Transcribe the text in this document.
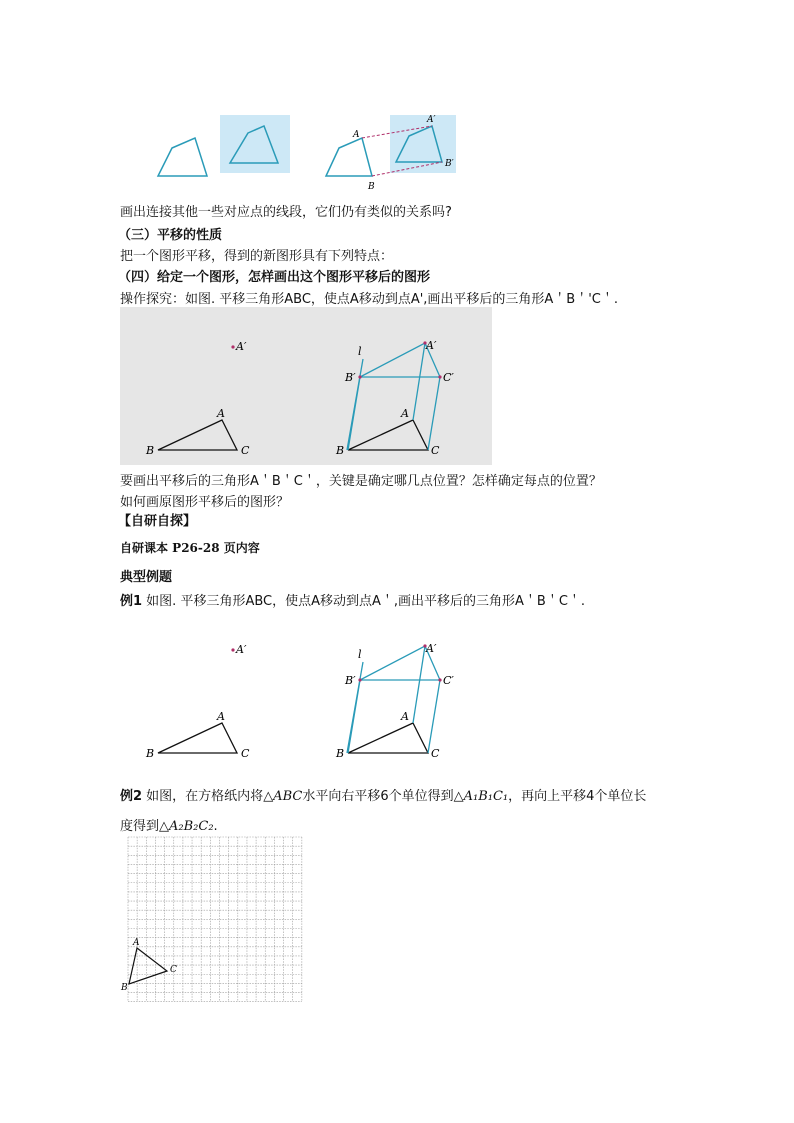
A
B
A′
B′
画出连接其他一些对应点的线段，它们仍有类似的关系吗?
（三）平移的性质
把一个图形平移，得到的新图形具有下列特点：
（四）给定一个图形，怎样画出这个图形平移后的图形
操作探究：如图. 平移三角形ABC，使点A移动到点A',画出平移后的三角形A＇B＇'C＇.
A′
A
B	C
l	A′
B′	C′
A
B	C
要画出平移后的三角形A＇B＇C＇，关键是确定哪几点位置？怎样确定每点的位置？
如何画原图形平移后的图形？
【自研自探】
自研课本 P26-28 页内容
典型例题
例1 如图. 平移三角形ABC，使点A移动到点A＇,画出平移后的三角形A＇B＇C＇.
A′
A
B	C
l	A′
B′	C′
A
B	C
例2 如图，在方格纸内将△ABC水平向右平移6个单位得到△A₁B₁C₁，再向上平移4个单位长
度得到△A₂B₂C₂.
A
B
C
